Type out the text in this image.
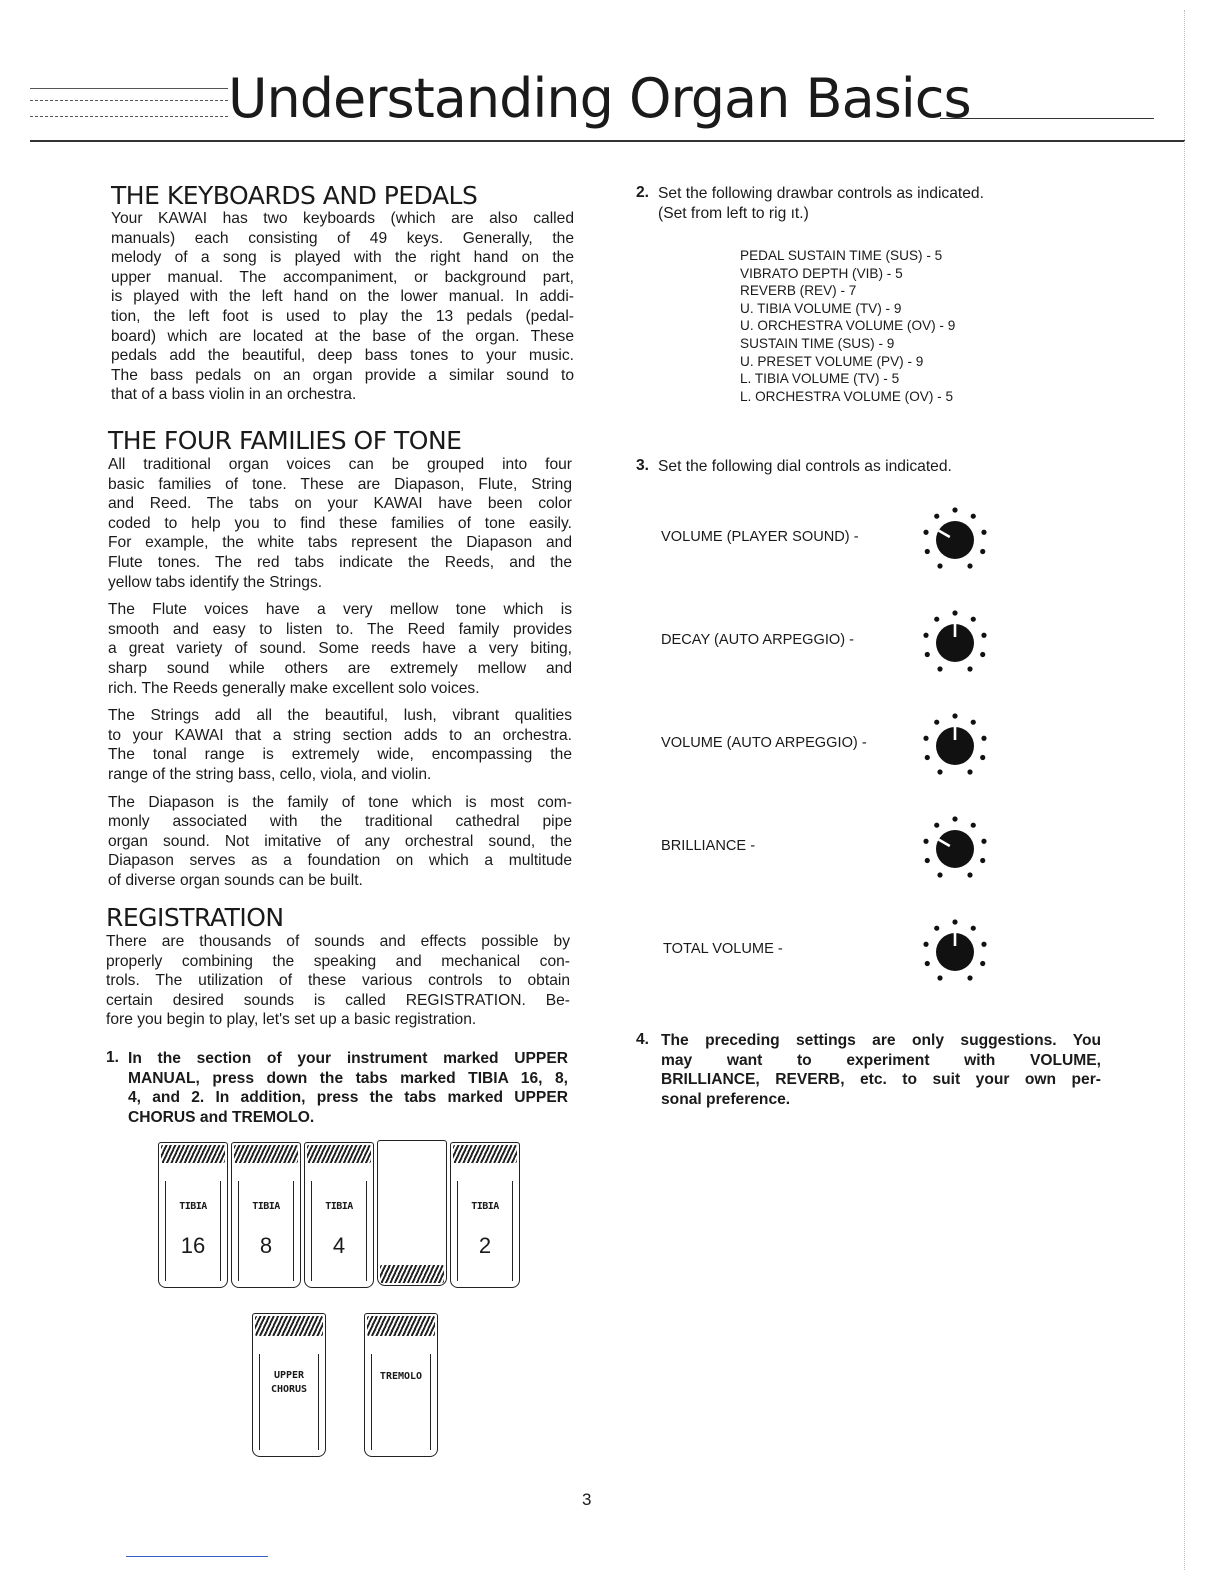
Understanding Organ Basics
THE KEYBOARDS AND PEDALS
Your KAWAI has two keyboards (which are also called
manuals) each consisting of 49 keys. Generally, the
melody of a song is played with the right hand on the
upper manual. The accompaniment, or background part,
is played with the left hand on the lower manual. In addi-
tion, the left foot is used to play the 13 pedals (pedal-
board) which are located at the base of the organ. These
pedals add the beautiful, deep bass tones to your music.
The bass pedals on an organ provide a similar sound to
that of a bass violin in an orchestra.
THE FOUR FAMILIES OF TONE
All traditional organ voices can be grouped into four
basic families of tone. These are Diapason, Flute, String
and Reed. The tabs on your KAWAI have been color
coded to help you to find these families of tone easily.
For example, the white tabs represent the Diapason and
Flute tones. The red tabs indicate the Reeds, and the
yellow tabs identify the Strings.
The Flute voices have a very mellow tone which is
smooth and easy to listen to. The Reed family provides
a great variety of sound. Some reeds have a very biting,
sharp sound while others are extremely mellow and
rich. The Reeds generally make excellent solo voices.
The Strings add all the beautiful, lush, vibrant qualities
to your KAWAI that a string section adds to an orchestra.
The tonal range is extremely wide, encompassing the
range of the string bass, cello, viola, and violin.
The Diapason is the family of tone which is most com-
monly associated with the traditional cathedral pipe
organ sound. Not imitative of any orchestral sound, the
Diapason serves as a foundation on which a multitude
of diverse organ sounds can be built.
REGISTRATION
There are thousands of sounds and effects possible by
properly combining the speaking and mechanical con-
trols. The utilization of these various controls to obtain
certain desired sounds is called REGISTRATION. Be-
fore you begin to play, let's set up a basic registration.
1. In the section of your instrument marked UPPER
MANUAL, press down the tabs marked TIBIA 16, 8,
4, and 2. In addition, press the tabs marked UPPER
CHORUS and TREMOLO.
TIBIA
16
TIBIA
8
TIBIA
4
TIBIA
2
UPPER
CHORUS
TREMOLO
2. Set the following drawbar controls as indicated.
(Set from left to rig ıt.)
PEDAL SUSTAIN TIME (SUS) - 5
VIBRATO DEPTH (VIB) - 5
REVERB (REV) - 7
U. TIBIA VOLUME (TV) - 9
U. ORCHESTRA VOLUME (OV) - 9
SUSTAIN TIME (SUS) - 9
U. PRESET VOLUME (PV) - 9
L. TIBIA VOLUME (TV) - 5
L. ORCHESTRA VOLUME (OV) - 5
3. Set the following dial controls as indicated.
VOLUME (PLAYER SOUND) -
DECAY (AUTO ARPEGGIO) -
VOLUME (AUTO ARPEGGIO) -
BRILLIANCE -
TOTAL VOLUME -
4. The preceding settings are only suggestions. You
may want to experiment with VOLUME,
BRILLIANCE, REVERB, etc. to suit your own per-
sonal preference.
3
